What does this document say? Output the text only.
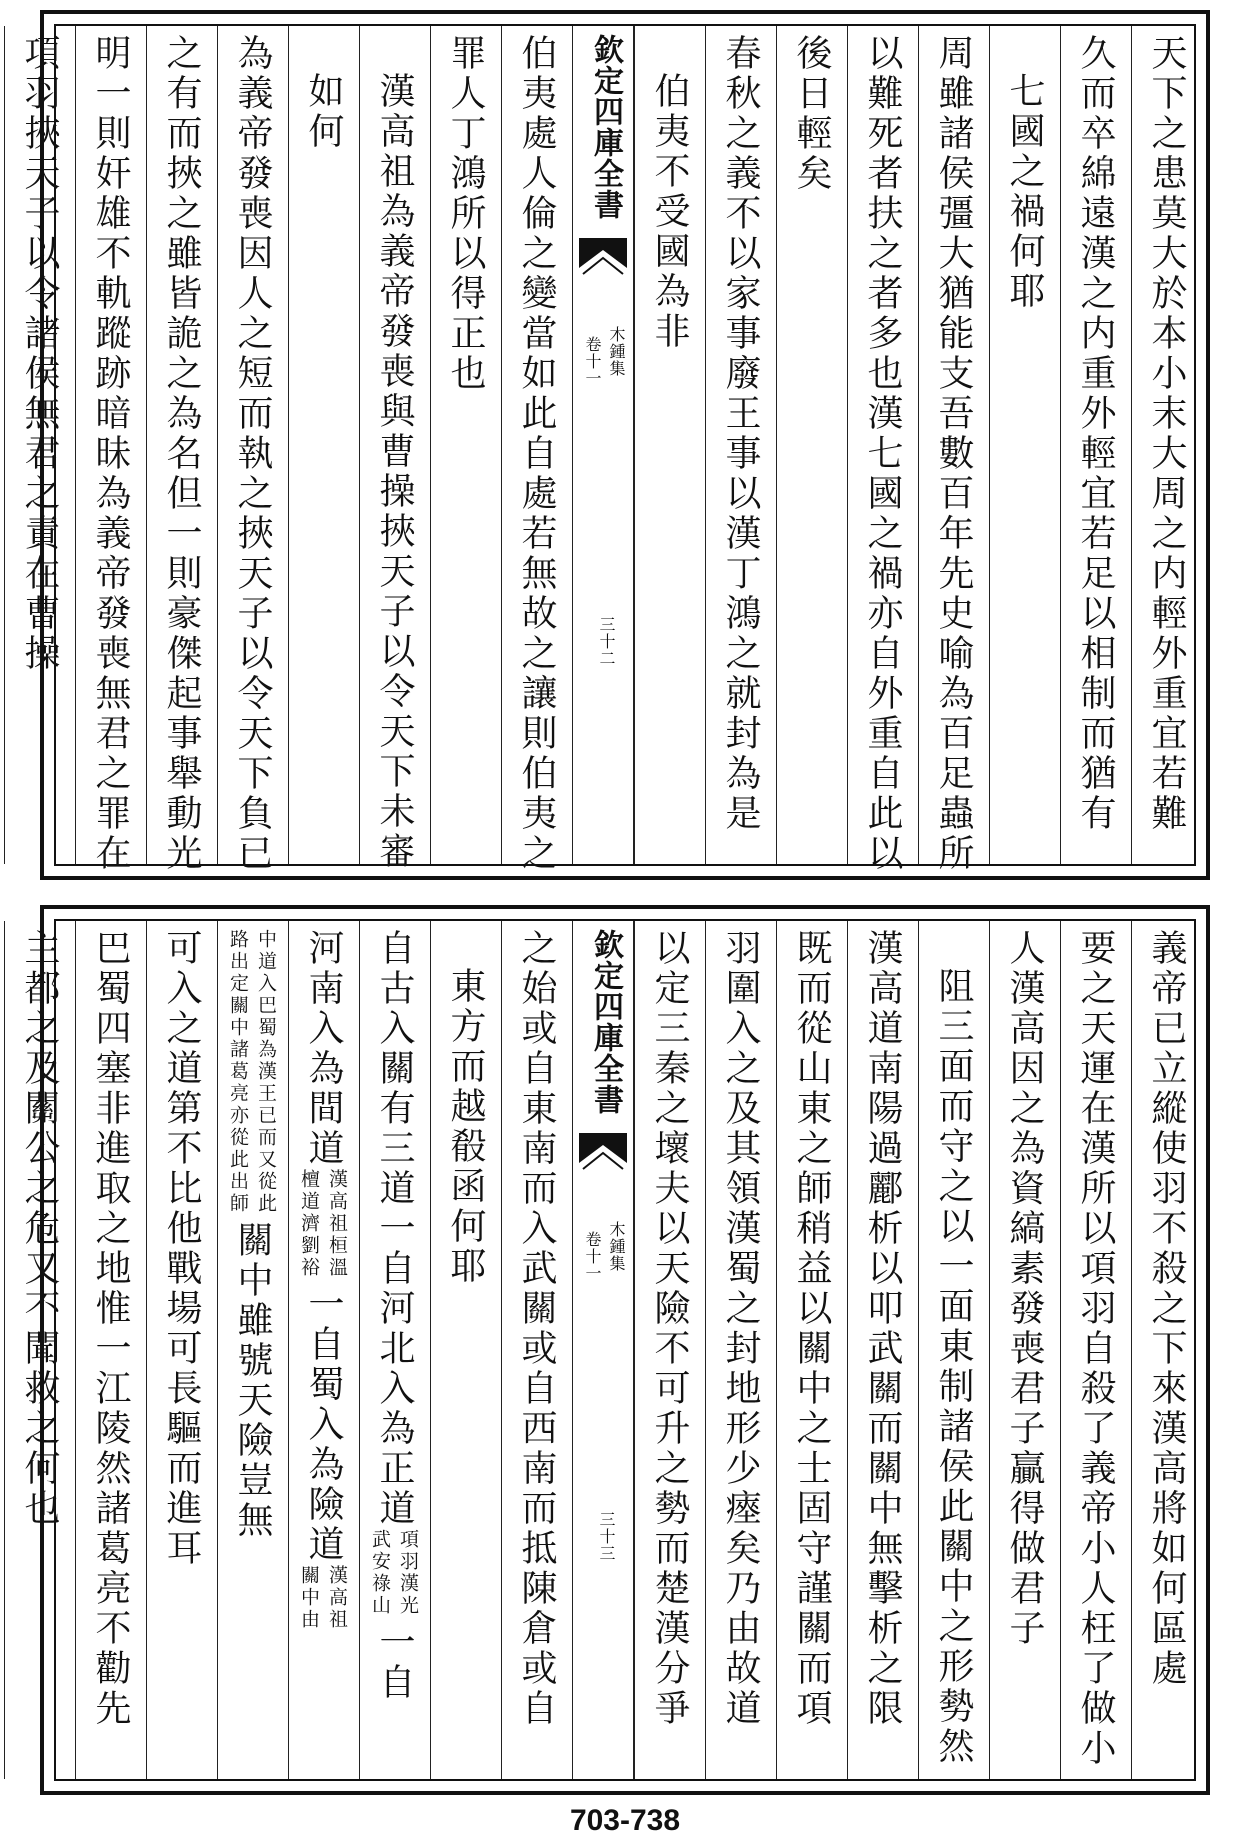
天下之患莫大於本小末大周之内輕外重宜若難
久而卒綿遠漢之内重外輕宜若足以相制而猶有
七國之禍何耶
周雖諸侯彊大猶能支吾數百年先史喻為百足蟲所
以難死者扶之者多也漢七國之禍亦自外重自此以
後日輕矣
春秋之義不以家事廢王事以漢丁鴻之就封為是
伯夷不受國為非
欽定四庫全書
木鍾集
卷十一
三十二
伯夷處人倫之變當如此自處若無故之讓則伯夷之
罪人丁鴻所以得正也
漢高祖為義帝發喪與曹操挾天子以令天下未審
如何
為義帝發喪因人之短而執之挾天子以令天下負已
之有而挾之雖皆詭之為名但一則豪傑起事舉動光
明一則奸雄不軌蹤跡暗昧為義帝發喪無君之罪在
項羽挾天子以令諸侯無君之責在曹操
義帝已立縱使羽不殺之下來漢高將如何區處
要之天運在漢所以項羽自殺了義帝小人枉了做小
人漢高因之為資縞素發喪君子贏得做君子
阻三面而守之以一面東制諸侯此關中之形勢然
漢高道南陽過酈析以叩武關而關中無擊析之限
既而從山東之師稍益以關中之士固守謹關而項
羽圍入之及其領漢蜀之封地形少瘞矣乃由故道
以定三秦之壞夫以天險不可升之勢而楚漢分爭
欽定四庫全書
木鍾集
卷十一
三十三
之始或自東南而入武關或自西南而抵陳倉或自
東方而越殽函何耶
自古入關有三道一自河北入為正道
項羽漢光
武安祿山
一自
河南入為間道
漢高祖桓溫
檀道濟劉裕
一自蜀入為險道
漢高祖
關中由
中道入巴蜀為漢王已而又從此
路出定關中諸葛亮亦從此出師
關中雖號天險豈無
可入之道第不比他戰場可長驅而進耳
巴蜀四塞非進取之地惟一江陵然諸葛亮不勸先
主都之及關公之危又不聞救之何也
703-738
